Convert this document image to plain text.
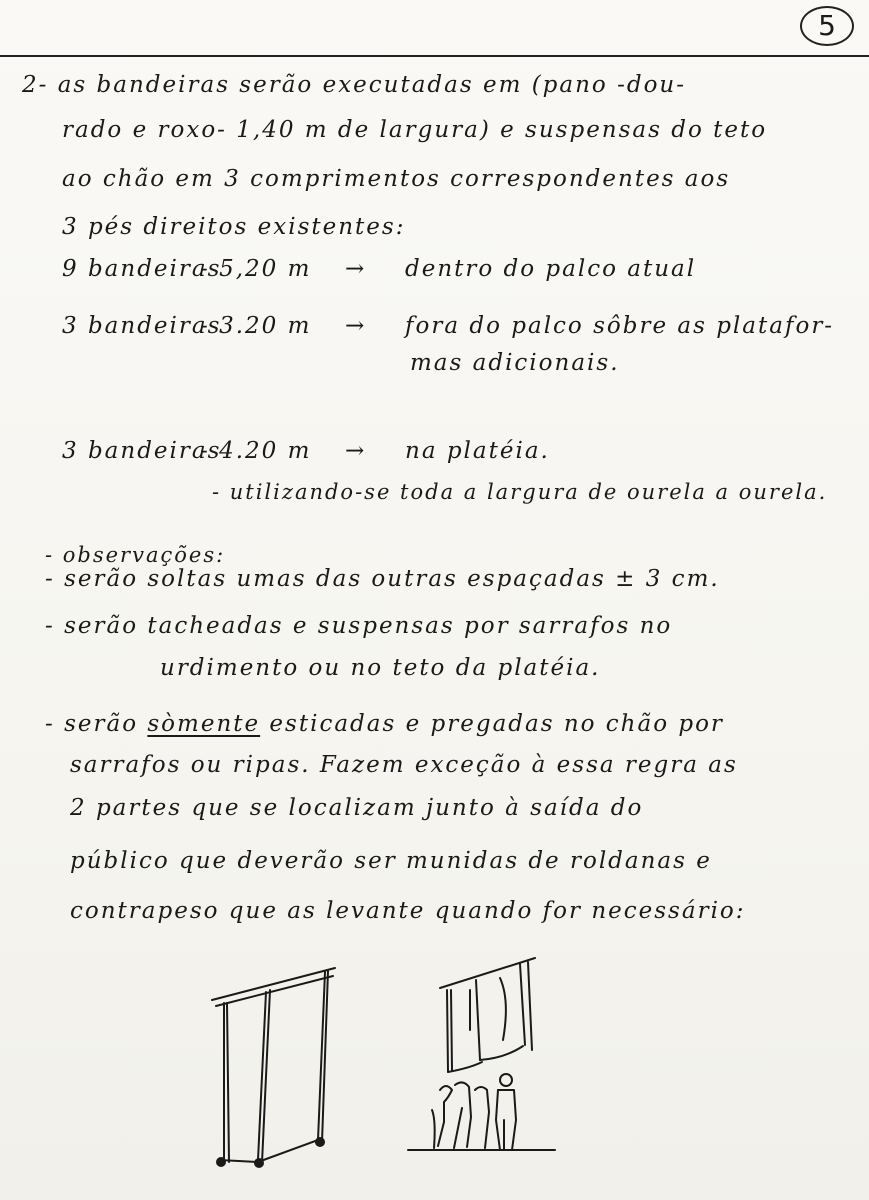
5
2- as bandeiras serão executadas em (pano -dou-
rado e roxo- 1,40 m de largura) e suspensas do teto
ao chão em 3 comprimentos correspondentes aos
3 pés direitos existentes:
9 bandeiras
- 5,20 m → dentro do palco atual
3 bandeiras
- 3.20 m → fora do palco sôbre as platafor-
mas adicionais.
3 bandeiras
- 4.20 m → na platéia.
- utilizando-se toda a largura de ourela a ourela.
- observações:
- serão soltas umas das outras espaçadas ± 3 cm.
- serão tacheadas e suspensas por sarrafos no
urdimento ou no teto da platéia.
- serão sòmente esticadas e pregadas no chão por
sarrafos ou ripas. Fazem exceção à essa regra as
2 partes que se localizam junto à saída do
público que deverão ser munidas de roldanas e
contrapeso que as levante quando for necessário:
